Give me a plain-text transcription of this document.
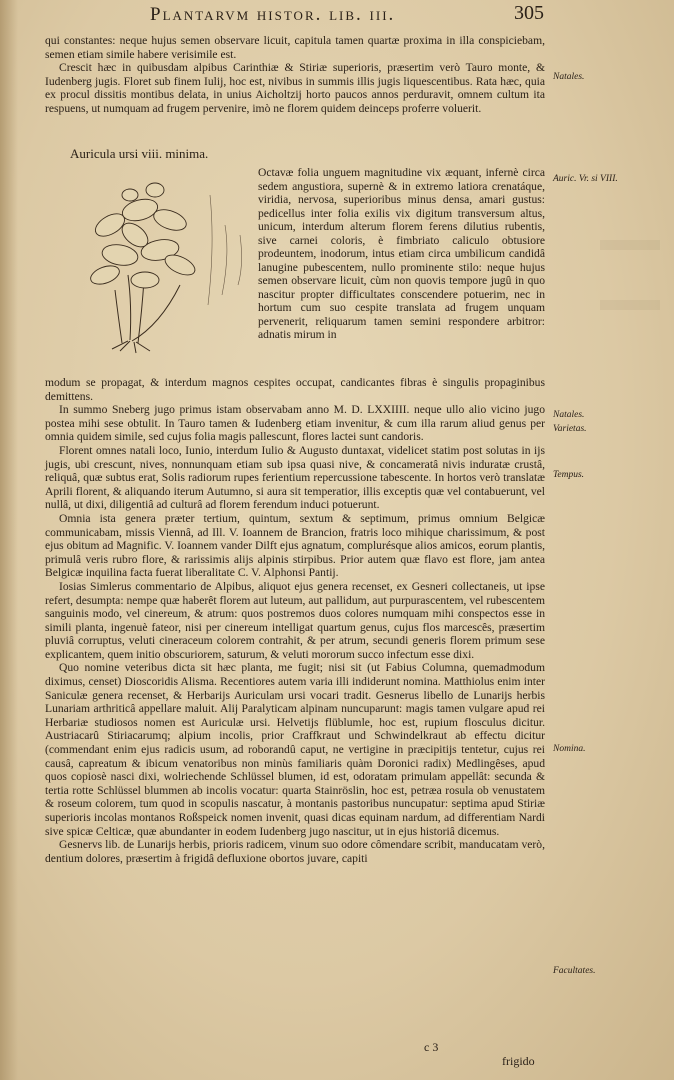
Plantarvm histor. lib. iii.	305

qui constantes: neque hujus semen observare licuit, capitula tamen quartæ proxima in illa conspiciebam, semen etiam simile habere verisimile est.

Crescit hæc in quibusdam alpibus Carinthiæ & Stiriæ superioris, præsertim verò Tauro monte, & Iudenberg jugis. Floret sub finem Iulij, hoc est, nivibus in summis illis jugis liquescentibus. Rata hæc, quia ex procul dissitis montibus delata, in unius Aicholtzij horto paucos annos perduravit, omnem cultum ita respuens, ut numquam ad frugem pervenire, imò ne florem quidem deinceps proferre voluerit.

Natales.
Auricula ursi viii. minima.
Octavæ folia unguem magnitudine vix æquant, infernè circa sedem angustiora, supernè & in extremo latiora crenatáque, viridia, nervosa, superioribus minus densa, amari gustus: pedicellus inter folia exilis vix digitum transversum altus, unicum, interdum alterum florem ferens dilutius rubentis, sive carnei coloris, è fimbriato caliculo obtusiore prodeuntem, inodorum, intus etiam circa umbilicum candidâ lanugine pubescentem, nullo prominente stilo: neque hujus semen observare licuit, cùm non quovis tempore jugû in quo nascitur propter difficultates conscendere potuerim, nec in hortum cum suo cespite translata ad frugem unquam pervenerit, reliquarum tamen semini respondere arbitror: adnatis mirum in
Auric. Vr. si VIII.

modum se propagat, & interdum magnos cespites occupat, candicantes fibras è singulis propaginibus demittens.

In summo Sneberg jugo primus istam observabam anno M. D. LXXIIII. neque ullo alio vicino jugo postea mihi sese obtulit. In Tauro tamen & Iudenberg etiam invenitur, & cum illa rarum aliud genus per omnia quidem simile, sed cujus folia magis pallescunt, flores lactei sunt candoris.

Florent omnes natali loco, Iunio, interdum Iulio & Augusto duntaxat, videlicet statim post solutas in ijs jugis, ubi crescunt, nives, nonnunquam etiam sub ipsa quasi nive, & concameratâ nivis induratæ crustâ, reliquâ, quæ subtus erat, Solis radiorum rupes ferientium repercussione tabescente. In hortos verò translatæ Aprili florent, & aliquando iterum Autumno, si aura sit temperatior, illis exceptis quæ vel contabuerunt, vel nullâ, ut dixi, diligentiâ ad culturâ ad florem ferendum induci potuerunt.

Omnia ista genera præter tertium, quintum, sextum & septimum, primus omnium Belgicæ communicabam, missis Viennâ, ad Ill. V. Ioannem de Brancion, fratris loco mihique charissimum, & post ejus obitum ad Magnific. V. Ioannem vander Dilft ejus agnatum, complurésque alios amicos, eorum plantis, primulâ veris rubro flore, & rarissimis alijs alpinis stirpibus. Prior autem quæ flavo est flore, jam antea Belgicæ inquilina facta fuerat liberalitate C. V. Alphonsi Pantij.

Iosias Simlerus commentario de Alpibus, aliquot ejus genera recenset, ex Gesneri collectaneis, ut ipse refert, desumpta: nempe quæ haberêt florem aut luteum, aut pallidum, aut purpurascentem, vel rubescentem sanguinis modo, vel cinereum, & atrum: quos postremos duos colores numquam mihi conspectos esse in simili planta, ingenuè fateor, nisi per cinereum intelligat quartum genus, cujus flos marcescês, præsertim pluviâ corruptus, veluti cineraceum colorem contrahit, & per atrum, secundi generis florem primum sese explicantem, quem initio obscuriorem, saturum, & veluti mororum succo infectum esse dixi.

Quo nomine veteribus dicta sit hæc planta, me fugit; nisi sit (ut Fabius Columna, quemadmodum diximus, censet) Dioscoridis Alisma. Recentiores autem varia illi indiderunt nomina. Matthiolus enim inter Saniculæ genera recenset, & Herbarijs Auriculam ursi vocari tradit. Gesnerus libello de Lunarijs herbis Lunariam arthriticâ appellare maluit. Alij Paralyticam alpinam nuncuparunt: magis tamen vulgare apud rei Herbariæ studiosos nomen est Auriculæ ursi. Helvetijs flüblumle, hoc est, rupium flosculus dicitur. Austriacarû Stiriacarumq; alpium incolis, prior Craffkraut und Schwindelkraut ab effectu dicitur (commendant enim ejus radicis usum, ad roborandû caput, ne vertigine in præcipitijs tentetur, cujus rei causâ, capreatum & ibicum venatoribus non minùs familiaris quàm Doronici radix) Medlingêses, apud quos copiosè nasci dixi, wolriechende Schlüssel blumen, id est, odoratam primulam appellât: secunda & tertia rotte Schlüssel blummen ab incolis vocatur: quarta Stainröslin, hoc est, petræa rosula ob venustatem & roseum colorem, tum quod in scopulis nascatur, à montanis pastoribus nuncupatur: septima apud Stiriæ superioris incolas montanos Roßspeick nomen invenit, quasi dicas equinam nardum, ad differentiam Nardi sive spicæ Celticæ, quæ abundanter in eodem Iudenberg jugo nascitur, ut in ejus historiâ dicemus.

Gesnervs lib. de Lunarijs herbis, prioris radicem, vinum suo odore cômendare scribit, manducatam verò, dentium dolores, præsertim à frigidâ defluxione obortos juvare, capiti

Natales.
Varietas.
Tempus.
Nomina.
Facultates.
c 3
frigido
